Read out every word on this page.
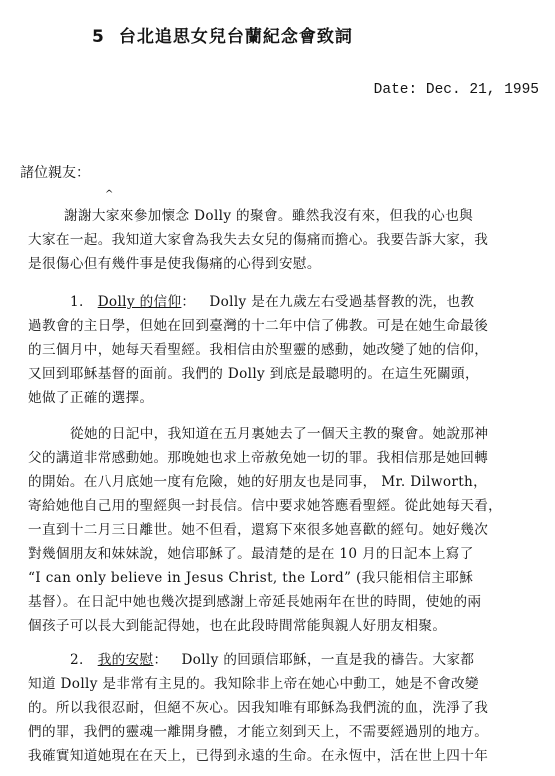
5 台北追思女兒台蘭紀念會致詞
Date: Dec. 21, 1995
諸位親友：
^
謝謝大家來參加懷念 Dolly 的聚會。雖然我沒有來，但我的心也與
大家在一起。我知道大家會為我失去女兒的傷痛而擔心。我要告訴大家，我
是很傷心但有幾件事是使我傷痛的心得到安慰。
1. Dolly 的信仰： Dolly 是在九歲左右受過基督教的洗，也教
過教會的主日學，但她在回到臺灣的十二年中信了佛教。可是在她生命最後
的三個月中，她每天看聖經。我相信由於聖靈的感動，她改變了她的信仰，
又回到耶穌基督的面前。我們的 Dolly 到底是最聰明的。在這生死關頭，
她做了正確的選擇。
從她的日記中，我知道在五月裏她去了一個天主教的聚會。她說那神
父的講道非常感動她。那晚她也求上帝赦免她一切的罪。我相信那是她回轉
的開始。在八月底她一度有危險，她的好朋友也是同事， Mr. Dilworth，
寄給她他自己用的聖經與一封長信。信中要求她答應看聖經。從此她每天看，
一直到十二月三日離世。她不但看，還寫下來很多她喜歡的經句。她好幾次
對幾個朋友和妹妹說，她信耶穌了。最清楚的是在 10 月的日記本上寫了
“I can only believe in Jesus Christ, the Lord” (我只能相信主耶穌
基督）。在日記中她也幾次提到感謝上帝延長她兩年在世的時間，使她的兩
個孩子可以長大到能記得她，也在此段時間常能與親人好朋友相聚。
2. 我的安慰： Dolly 的回頭信耶穌，一直是我的禱告。大家都
知道 Dolly 是非常有主見的。我知除非上帝在她心中動工，她是不會改變
的。所以我很忍耐，但絕不灰心。因我知唯有耶穌為我們流的血，洗淨了我
們的罪，我們的靈魂一離開身體，才能立刻到天上，不需要經過別的地方。
我確實知道她現在在天上，已得到永遠的生命。在永恆中，活在世上四十年
